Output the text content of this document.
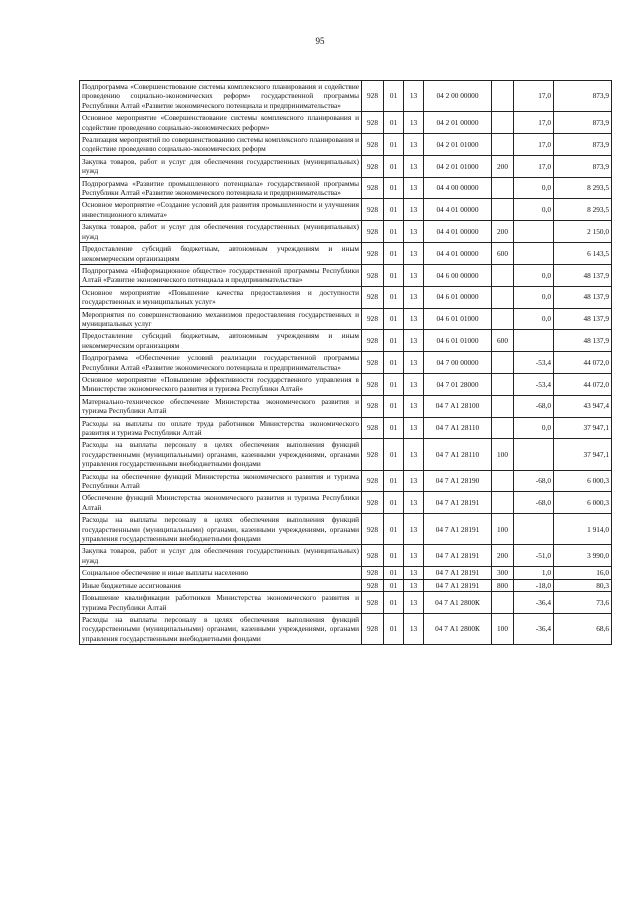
95
Подпрограмма «Совершенствование системы комплексного планирования и содействие проведению социально-экономических реформ» государственной программы Республики Алтай «Развитие экономического потенциала и предпринимательства»	928	01	13	04 2 00 00000		17,0	873,9
Основное мероприятие «Совершенствование системы комплексного планирования и содействие проведению социально-экономических реформ»	928	01	13	04 2 01 00000		17,0	873,9
Реализация мероприятий по совершенствованию системы комплексного планирования и содействие проведению социально-экономических реформ	928	01	13	04 2 01 01000		17,0	873,9
Закупка товаров, работ и услуг для обеспечения государственных (муниципальных) нужд	928	01	13	04 2 01 01000	200	17,0	873,9
Подпрограмма «Развитие промышленного потенциала» государственной программы Республики Алтай «Развитие экономического потенциала и предпринимательства»	928	01	13	04 4 00 00000		0,0	8 293,5
Основное мероприятие «Создание условий для развития промышленности и улучшения инвестиционного климата»	928	01	13	04 4 01 00000		0,0	8 293,5
Закупка товаров, работ и услуг для обеспечения государственных (муниципальных) нужд	928	01	13	04 4 01 00000	200		2 150,0
Предоставление субсидий бюджетным, автономным учреждениям и иным некоммерческим организациям	928	01	13	04 4 01 00000	600		6 143,5
Подпрограмма «Информационное общество» государственной программы Республики Алтай «Развитие экономического потенциала и предпринимательства»	928	01	13	04 6 00 00000		0,0	48 137,9
Основное мероприятие «Повышение качества предоставления и доступности государственных и муниципальных услуг»	928	01	13	04 6 01 00000		0,0	48 137,9
Мероприятия по совершенствованию механизмов предоставления государственных и муниципальных услуг	928	01	13	04 6 01 01000		0,0	48 137,9
Предоставление субсидий бюджетным, автономным учреждениям и иным некоммерческим организациям	928	01	13	04 6 01 01000	600		48 137,9
Подпрограмма «Обеспечение условий реализации государственной программы Республики Алтай «Развитие экономического потенциала и предпринимательства»	928	01	13	04 7 00 00000		-53,4	44 072,0
Основное мероприятие «Повышение эффективности государственного управления в Министерстве экономического развития и туризма Республики Алтай»	928	01	13	04 7 01 28000		-53,4	44 072,0
Материально-техническое обеспечение Министерства экономического развития и туризма Республики Алтай	928	01	13	04 7 А1 28100		-68,0	43 947,4
Расходы на выплаты по оплате труда работников Министерства экономического развития и туризма Республики Алтай	928	01	13	04 7 А1 28110		0,0	37 947,1
Расходы на выплаты персоналу в целях обеспечения выполнения функций государственными (муниципальными) органами, казенными учреждениями, органами управления государственными внебюджетными фондами	928	01	13	04 7 А1 28110	100		37 947,1
Расходы на обеспечение функций Министерства экономического развития и туризма Республики Алтай	928	01	13	04 7 А1 28190		-68,0	6 000,3
Обеспечение функций Министерства экономического развития и туризма Республики Алтай	928	01	13	04 7 А1 28191		-68,0	6 000,3
Расходы на выплаты персоналу в целях обеспечения выполнения функций государственными (муниципальными) органами, казенными учреждениями, органами управления государственными внебюджетными фондами	928	01	13	04 7 А1 28191	100		1 914,0
Закупка товаров, работ и услуг для обеспечения государственных (муниципальных) нужд	928	01	13	04 7 А1 28191	200	-51,0	3 990,0
Социальное обеспечение и иные выплаты населению	928	01	13	04 7 А1 28191	300	1,0	16,0
Иные бюджетные ассигнования	928	01	13	04 7 А1 28191	800	-18,0	80,3
Повышение квалификации работников Министерства экономического развития и туризма Республики Алтай	928	01	13	04 7 А1 2800К		-36,4	73,6
Расходы на выплаты персоналу в целях обеспечения выполнения функций государственными (муниципальными) органами, казенными учреждениями, органами управления государственными внебюджетными фондами	928	01	13	04 7 А1 2800К	100	-36,4	68,6
